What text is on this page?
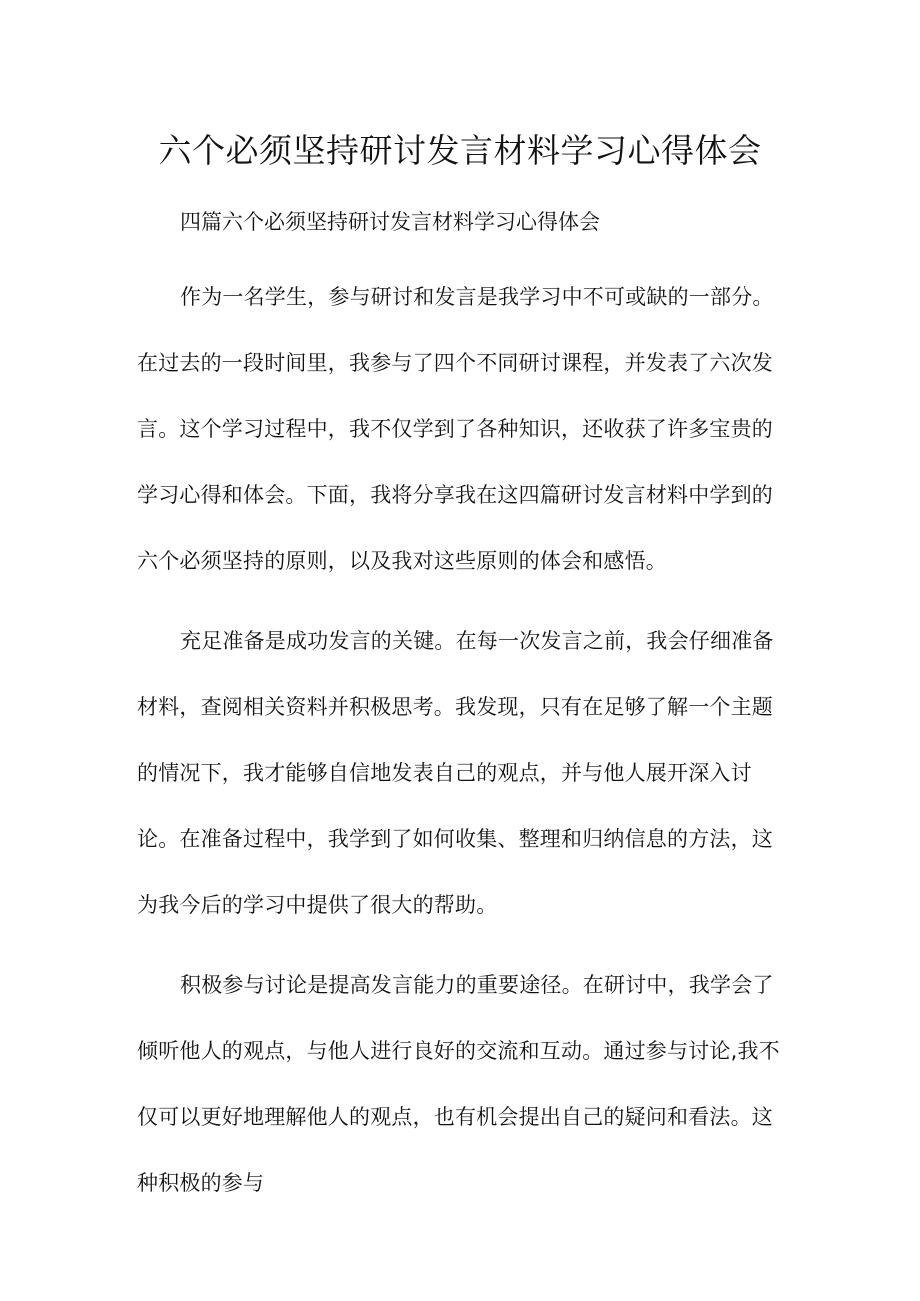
六个必须坚持研讨发言材料学习心得体会

四篇六个必须坚持研讨发言材料学习心得体会

作为一名学生，参与研讨和发言是我学习中不可或缺的一部分。在过去的一段时间里，我参与了四个不同研讨课程，并发表了六次发言。这个学习过程中，我不仅学到了各种知识，还收获了许多宝贵的学习心得和体会。下面，我将分享我在这四篇研讨发言材料中学到的六个必须坚持的原则，以及我对这些原则的体会和感悟。

充足准备是成功发言的关键。在每一次发言之前，我会仔细准备材料，查阅相关资料并积极思考。我发现，只有在足够了解一个主题的情况下，我才能够自信地发表自己的观点，并与他人展开深入讨论。在准备过程中，我学到了如何收集、整理和归纳信息的方法，这为我今后的学习中提供了很大的帮助。

积极参与讨论是提高发言能力的重要途径。在研讨中，我学会了倾听他人的观点，与他人进行良好的交流和互动。通过参与讨论,我不仅可以更好地理解他人的观点，也有机会提出自己的疑问和看法。这种积极的参与
